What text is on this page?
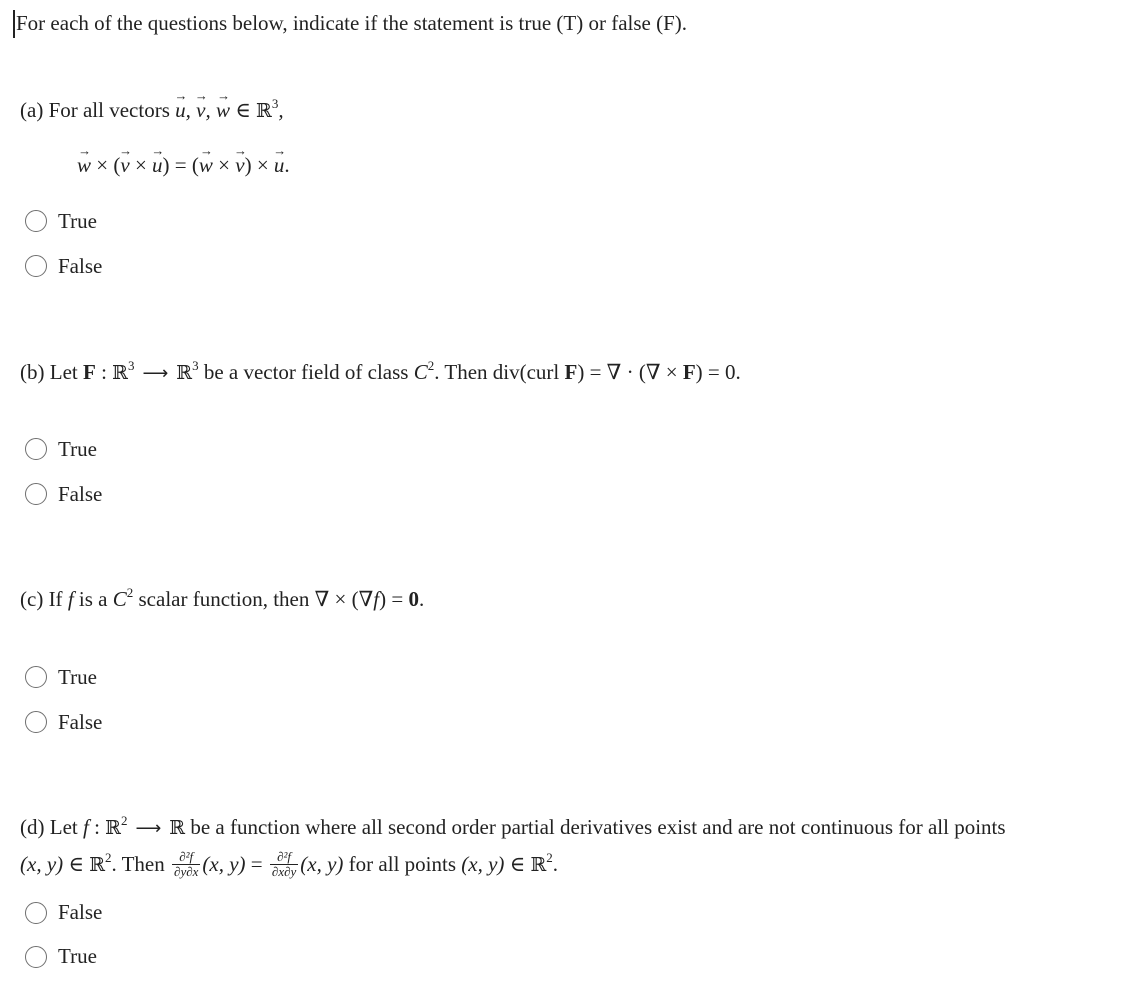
For each of the questions below, indicate if the statement is true (T) or false (F).
(a) For all vectors → u, → v, → w ∈ ℝ$^3$,
→ w × (→ v × → u) = (→ w × → v) × → u.
True
False
(b) Let F : ℝ$^3$ ⟶ ℝ$^3$ be a vector field of class $C^2$. Then div(curl F) = ∇ · (∇ × F) = 0.
True
False
(c) If f is a $C^2$ scalar function, then ∇ × (∇f) = 0.
True
False
(d) Let f : ℝ$^2$ ⟶ ℝ be a function where all second order partial derivatives exist and are not continuous for all points
(x, y) ∈ ℝ$^2$. Then $\frac{\text{∂²f}}{\partial y\partial x} (x$, $y) = \frac{\text{∂²f}}{\partial x\partial y} (x$, y) for all points (x, y) ∈ ℝ$^2$.
False
True
